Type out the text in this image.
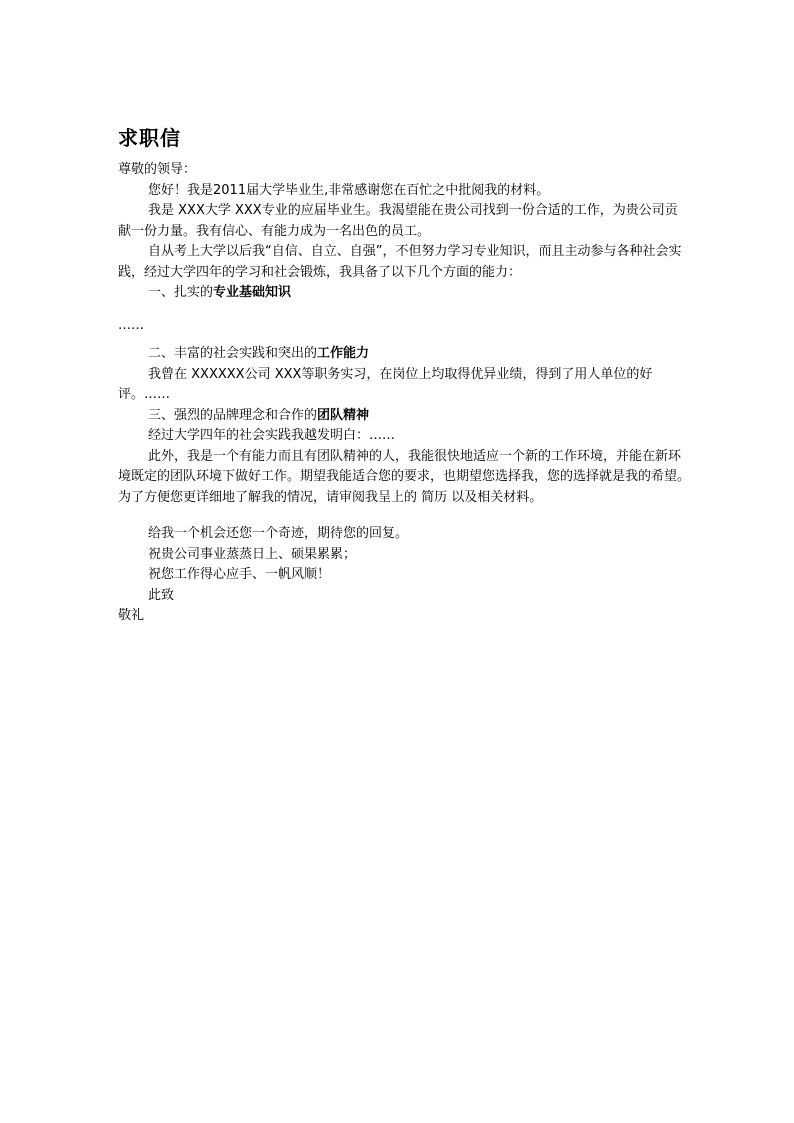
求职信

尊敬的领导：

您好！我是2011届大学毕业生,非常感谢您在百忙之中批阅我的材料。

我是 XXX大学 XXX专业的应届毕业生。我渴望能在贵公司找到一份合适的工作，为贵公司贡献一份力量。我有信心、有能力成为一名出色的员工。

自从考上大学以后我“自信、自立、自强”，不但努力学习专业知识，而且主动参与各种社会实践，经过大学四年的学习和社会锻炼，我具备了以下几个方面的能力：

一、扎实的专业基础知识

……

二、丰富的社会实践和突出的工作能力

我曾在 XXXXXX公司 XXX等职务实习，在岗位上均取得优异业绩，得到了用人单位的好评。……

三、强烈的品牌理念和合作的团队精神

经过大学四年的社会实践我越发明白：……

此外，我是一个有能力而且有团队精神的人，我能很快地适应一个新的工作环境，并能在新环境既定的团队环境下做好工作。期望我能适合您的要求，也期望您选择我，您的选择就是我的希望。为了方便您更详细地了解我的情况，请审阅我呈上的 简历 以及相关材料。

给我一个机会还您一个奇迹，期待您的回复。

祝贵公司事业蒸蒸日上、硕果累累；

祝您工作得心应手、一帆风顺！

此致

敬礼
